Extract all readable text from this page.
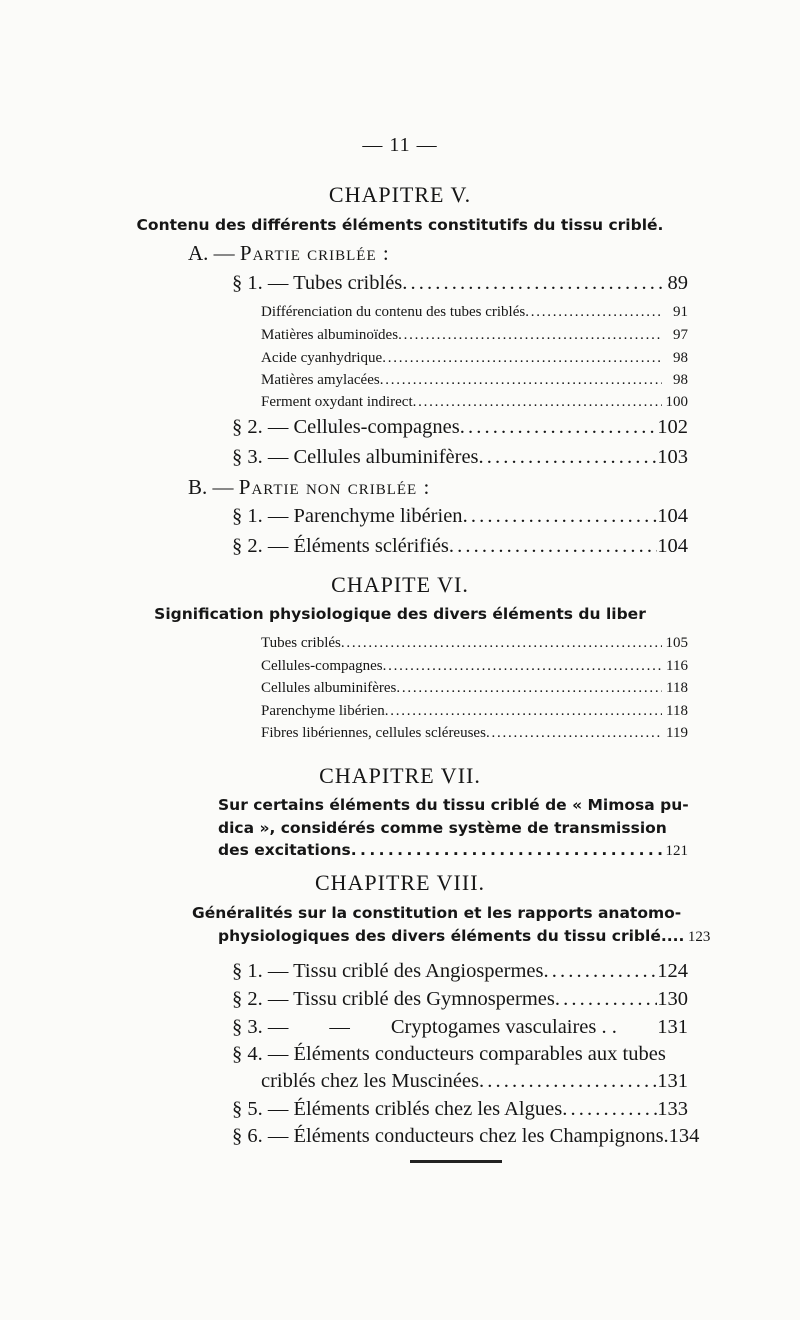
— 11 —
CHAPITRE V.
Contenu des différents éléments constitutifs du tissu criblé.
A. — Partie criblée :
§ 1. — Tubes criblés . . .	89
Différenciation du contenu des tubes criblés . . .	91
Matières albuminoïdes . . .	97
Acide cyanhydrique . . .	98
Matières amylacées . . .	98
Ferment oxydant indirect . . .	100
§ 2. — Cellules-compagnes . . .	102
§ 3. — Cellules albuminifères . . .	103
B. — Partie non criblée :
§ 1. — Parenchyme libérien . . .	104
§ 2. — Éléments sclérifiés . . .	104
CHAPITE VI.
Signification physiologique des divers éléments du liber
Tubes criblés . . .	105
Cellules-compagnes . . .	116
Cellules albuminifères . . .	118
Parenchyme libérien . . .	118
Fibres libériennes, cellules scléreuses . . .	119
CHAPITRE VII.
Sur certains éléments du tissu criblé de « Mimosa pu-
dica », considérés comme système de transmission
des excitations . . .	121
CHAPITRE VIII.
Généralités sur la constitution et les rapports anatomo-
physiologiques des divers éléments du tissu criblé.... 123
§ 1. — Tissu criblé des Angiospermes . . .	124
§ 2. — Tissu criblé des Gymnospermes . . .	130
§ 3. —        —        Cryptogames vasculaires . . 131
§ 4. — Éléments conducteurs comparables aux tubes
criblés chez les Muscinées . . .	131
§ 5. — Éléments criblés chez les Algues . . .	133
§ 6. — Éléments conducteurs chez les Champignons. 134
